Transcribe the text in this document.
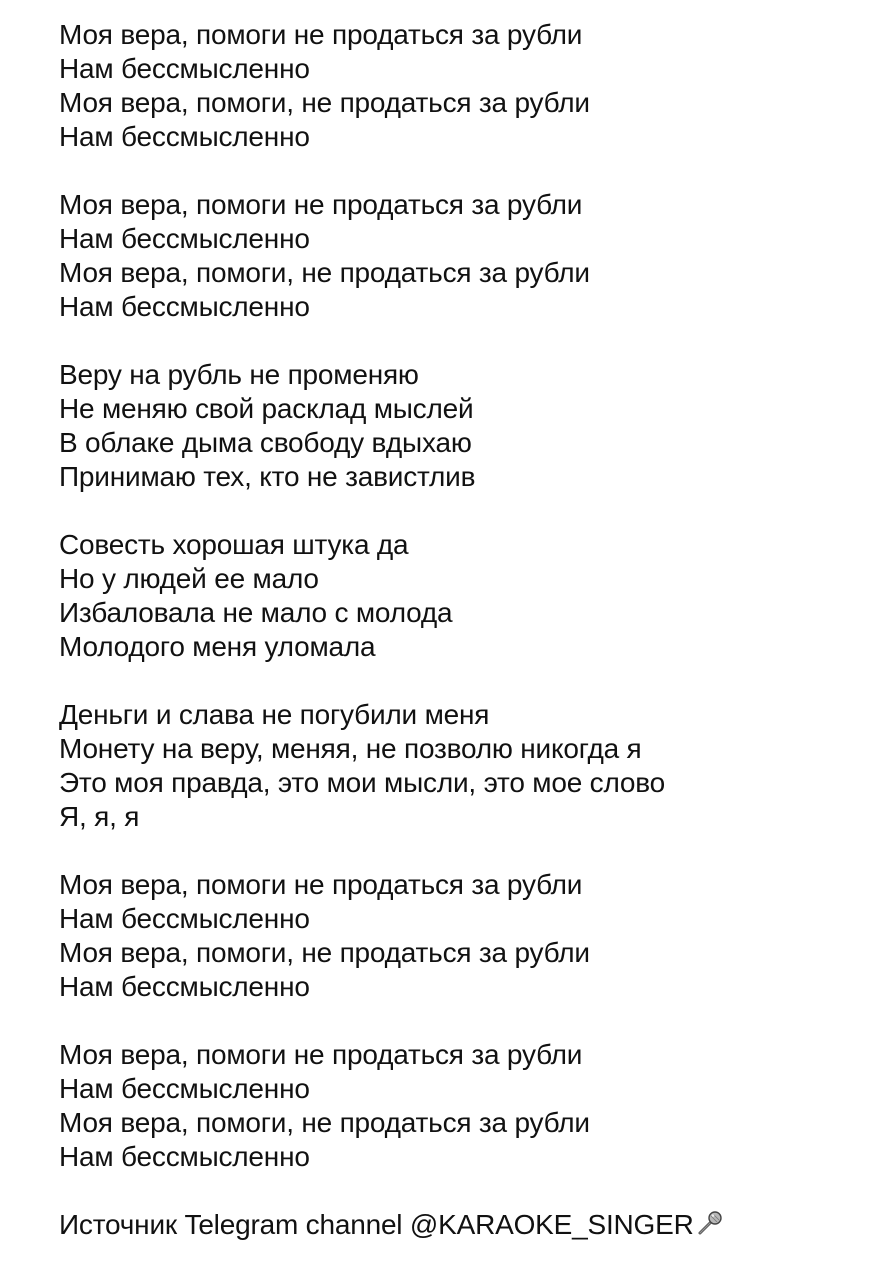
Моя вера, помоги не продаться за рубли
Нам бессмысленно
Моя вера, помоги, не продаться за рубли
Нам бессмысленно
Моя вера, помоги не продаться за рубли
Нам бессмысленно
Моя вера, помоги, не продаться за рубли
Нам бессмысленно
Веру на рубль не променяю
Не меняю свой расклад мыслей
В облаке дыма свободу вдыхаю
Принимаю тех, кто не завистлив
Совесть хорошая штука да
Но у людей ее мало
Избаловала не мало с молода
Молодого меня уломала
Деньги и слава не погубили меня
Монету на веру, меняя, не позволю никогда я
Это моя правда, это мои мысли, это мое слово
Я, я, я
Моя вера, помоги не продаться за рубли
Нам бессмысленно
Моя вера, помоги, не продаться за рубли
Нам бессмысленно
Моя вера, помоги не продаться за рубли
Нам бессмысленно
Моя вера, помоги, не продаться за рубли
Нам бессмысленно
Источник Telegram channel @KARAOKE_SINGER
